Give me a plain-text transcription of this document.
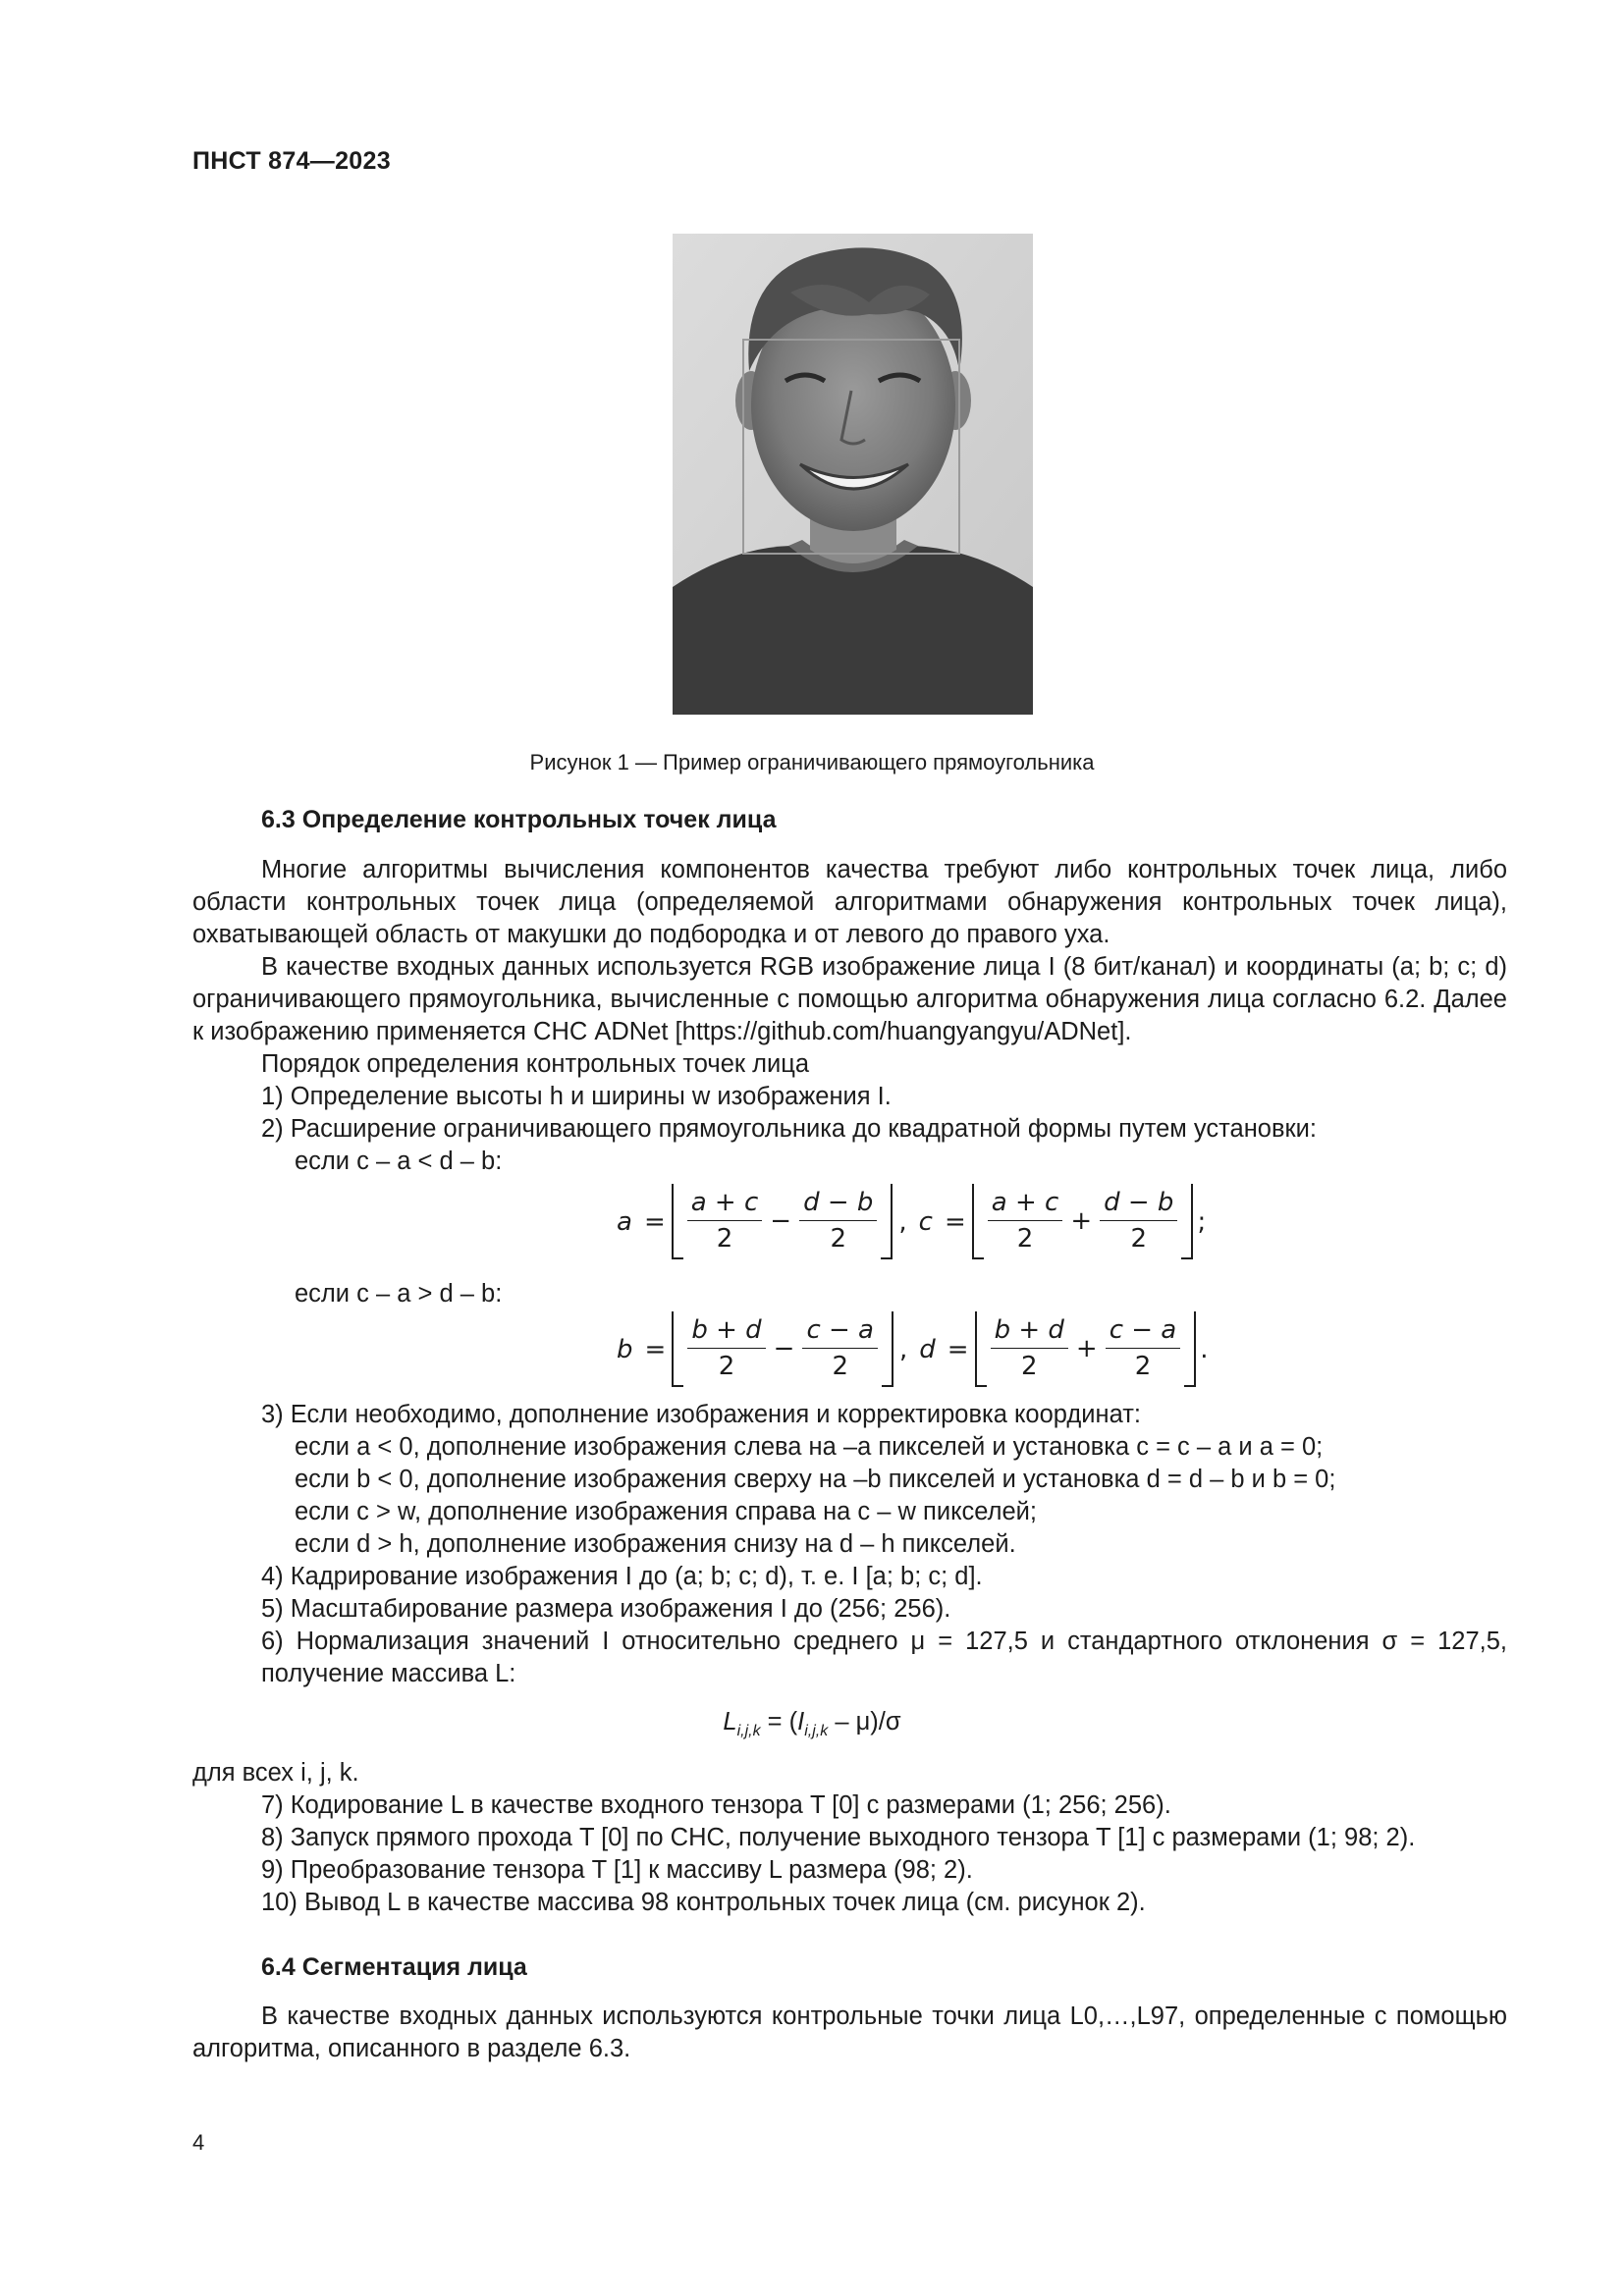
ПНСТ 874—2023
Рисунок 1 — Пример ограничивающего прямоугольника
6.3 Определение контрольных точек лица

Многие алгоритмы вычисления компонентов качества требуют либо контрольных точек лица, либо области контрольных точек лица (определяемой алгоритмами обнаружения контрольных точек лица), охватывающей область от макушки до подбородка и от левого до правого уха.

В качестве входных данных используется RGB изображение лица I (8 бит/канал) и координаты (a; b; c; d) ограничивающего прямоугольника, вычисленные с помощью алгоритма обнаружения лица согласно 6.2. Далее к изображению применяется СНС ADNet [https://github.com/huangyangyu/ADNet].

Порядок определения контрольных точек лица

1) Определение высоты h и ширины w изображения I.

2) Расширение ограничивающего прямоугольника до квадратной формы путем установки:

если c – a < d – b:

$a = \frac{a + c}{2} - \frac{d - b}{2}$ , $c = \frac{a + c}{2} + \frac{d - b}{2}$ ;

если c – a > d – b:

$b = \frac{b + d}{2} - \frac{c - a}{2}$ , $d = \frac{b + d}{2} + \frac{c - a}{2}$ .

3) Если необходимо, дополнение изображения и корректировка координат:

если a < 0, дополнение изображения слева на –a пикселей и установка c = c – a и a = 0;

если b < 0, дополнение изображения сверху на –b пикселей и установка d = d – b и b = 0;

если c > w, дополнение изображения справа на c – w пикселей;

если d > h, дополнение изображения снизу на d – h пикселей.

4) Кадрирование изображения I до (a; b; c; d), т. е. I [a; b; c; d].

5) Масштабирование размера изображения I до (256; 256).

6) Нормализация значений I относительно среднего μ = 127,5 и стандартного отклонения σ = 127,5, получение массива L:

$L_{i,j,k} = (I_{i,j,k} - \mu)/\sigma$

для всех i, j, k.

7) Кодирование L в качестве входного тензора T [0] с размерами (1; 256; 256).

8) Запуск прямого прохода T [0] по СНС, получение выходного тензора T [1] с размерами (1; 98; 2).

9) Преобразование тензора T [1] к массиву L размера (98; 2).

10) Вывод L в качестве массива 98 контрольных точек лица (см. рисунок 2).

6.4 Сегментация лица

В качестве входных данных используются контрольные точки лица L0,…,L97, определенные с помощью алгоритма, описанного в разделе 6.3.

4
